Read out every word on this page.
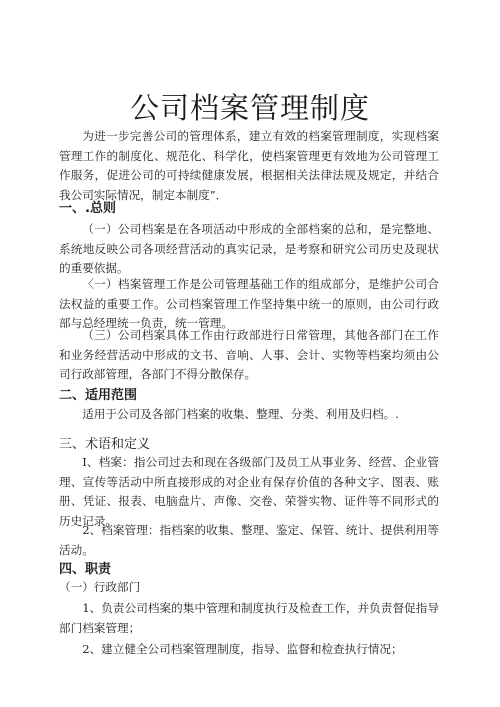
公司档案管理制度
为进一步完善公司的管理体系，建立有效的档案管理制度，实现档案管理工作的制度化、规范化、科学化，使档案管理更有效地为公司管理工作服务，促进公司的可持续健康发展，根据相关法律法规及规定，并结合我公司实际情况，制定本制度”．
一、.总则
（一）公司档案是在各项活动中形成的全部档案的总和，是完整地、系统地反映公司各项经营活动的真实记录，是考察和研究公司历史及现状的重要依据。
〈一）档案管理工作是公司管理基础工作的组成部分，是维护公司合法权益的重要工作。公司档案管理工作坚持集中统一的原则，由公司行政部与总经理统一负责，统一管理。
（三）公司档案具体工作由行政部进行日常管理，其他各部门在工作和业务经营活动中形成的文书、音响、人事、会计、实物等档案均须由公司行政部管理，各部门不得分散保存。
二、适用范围
适用于公司及各部门档案的收集、整理、分类、利用及归档。.
三、术语和定义
I、档案：指公司过去和现在各级部门及员工从事业务、经营、企业管理、宣传等活动中所直接形成的对企业有保存价值的各种文字、图表、账册、凭证、报表、电脑盘片、声像、交卷、荣誉实物、证件等不同形式的历史记录。
2、档案管理：指档案的收集、整理、鉴定、保管、统计、提供利用等活动。
四、职责
（一）行政部门
1、负责公司档案的集中管理和制度执行及检查工作，并负责督促指导部门档案管理；
2、建立健全公司档案管理制度，指导、监督和检查执行情况；
